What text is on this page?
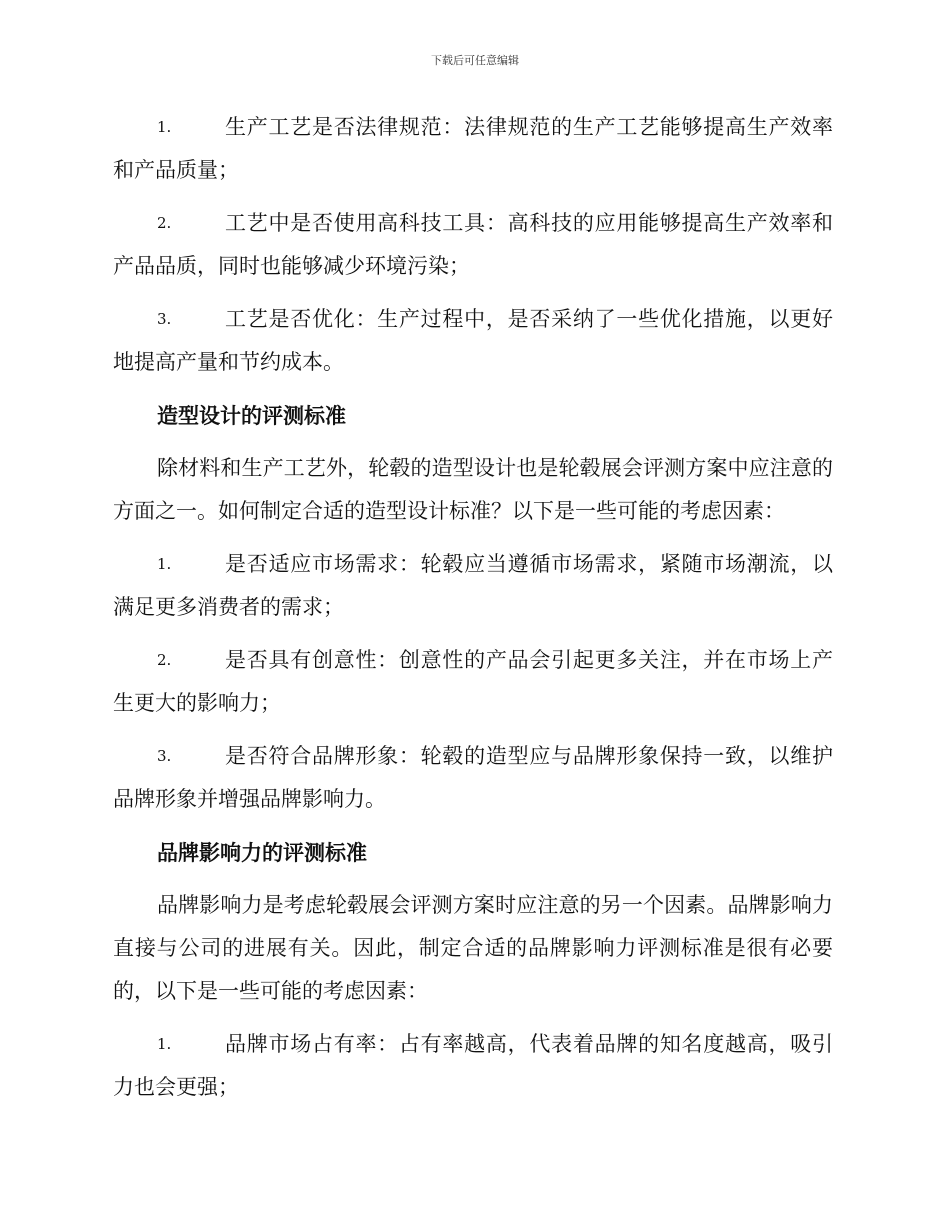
下载后可任意编辑
1.	生产工艺是否法律规范：法律规范的生产工艺能够提高生产效率和产品质量；
2.	工艺中是否使用高科技工具：高科技的应用能够提高生产效率和产品品质，同时也能够减少环境污染；
3.	工艺是否优化：生产过程中，是否采纳了一些优化措施，以更好地提高产量和节约成本。
造型设计的评测标准
除材料和生产工艺外，轮毂的造型设计也是轮毂展会评测方案中应注意的方面之一。如何制定合适的造型设计标准？以下是一些可能的考虑因素：
1.	是否适应市场需求：轮毂应当遵循市场需求，紧随市场潮流，以满足更多消费者的需求；
2.	是否具有创意性：创意性的产品会引起更多关注，并在市场上产生更大的影响力；
3.	是否符合品牌形象：轮毂的造型应与品牌形象保持一致，以维护品牌形象并增强品牌影响力。
品牌影响力的评测标准
品牌影响力是考虑轮毂展会评测方案时应注意的另一个因素。品牌影响力直接与公司的进展有关。因此，制定合适的品牌影响力评测标准是很有必要的，以下是一些可能的考虑因素：
1.	品牌市场占有率：占有率越高，代表着品牌的知名度越高，吸引力也会更强；
